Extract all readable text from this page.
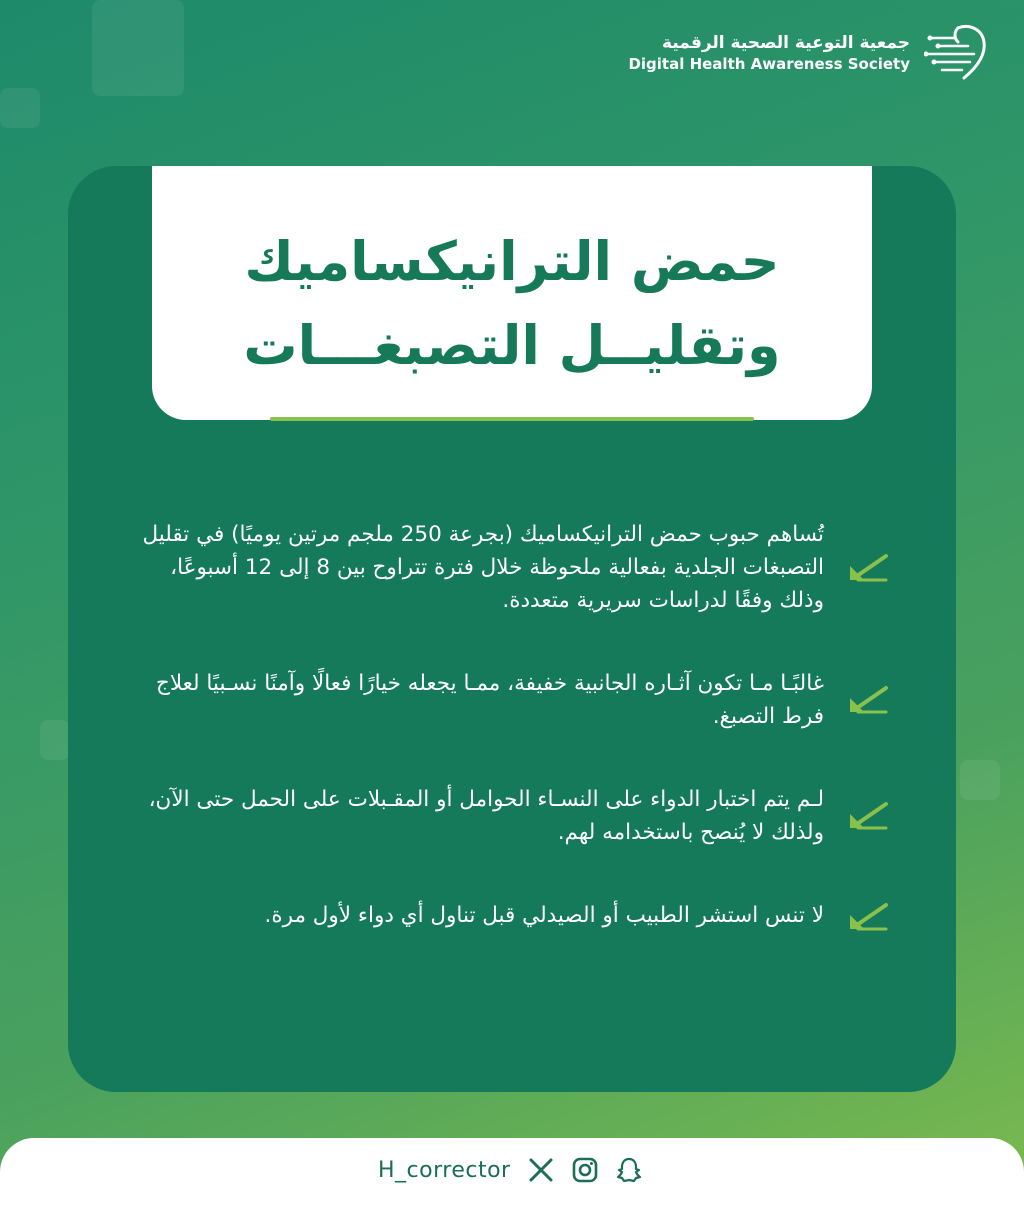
جمعية التوعية الصحية الرقمية
Digital Health Awareness Society
حمض الترانيكساميك
وتقليــل التصبغـــات
تُساهم حبوب حمض الترانيكساميك (بجرعة 250 ملجم مرتين يوميًا) في تقليل التصبغات الجلدية بفعالية ملحوظة خلال فترة تتراوح بين 8 إلى 12 أسبوعًا، وذلك وفقًا لدراسات سريرية متعددة.
غالبًـا مـا تكون آثـاره الجانبية خفيفة، ممـا يجعله خيارًا فعالًا وآمنًا نسـبيًا لعلاج فرط التصبغ.
لـم يتم اختبار الدواء على النسـاء الحوامل أو المقـبلات على الحمل حتى الآن، ولذلك لا يُنصح باستخدامه لهم.
لا تنس استشر الطبيب أو الصيدلي قبل تناول أي دواء لأول مرة.
H_corrector
